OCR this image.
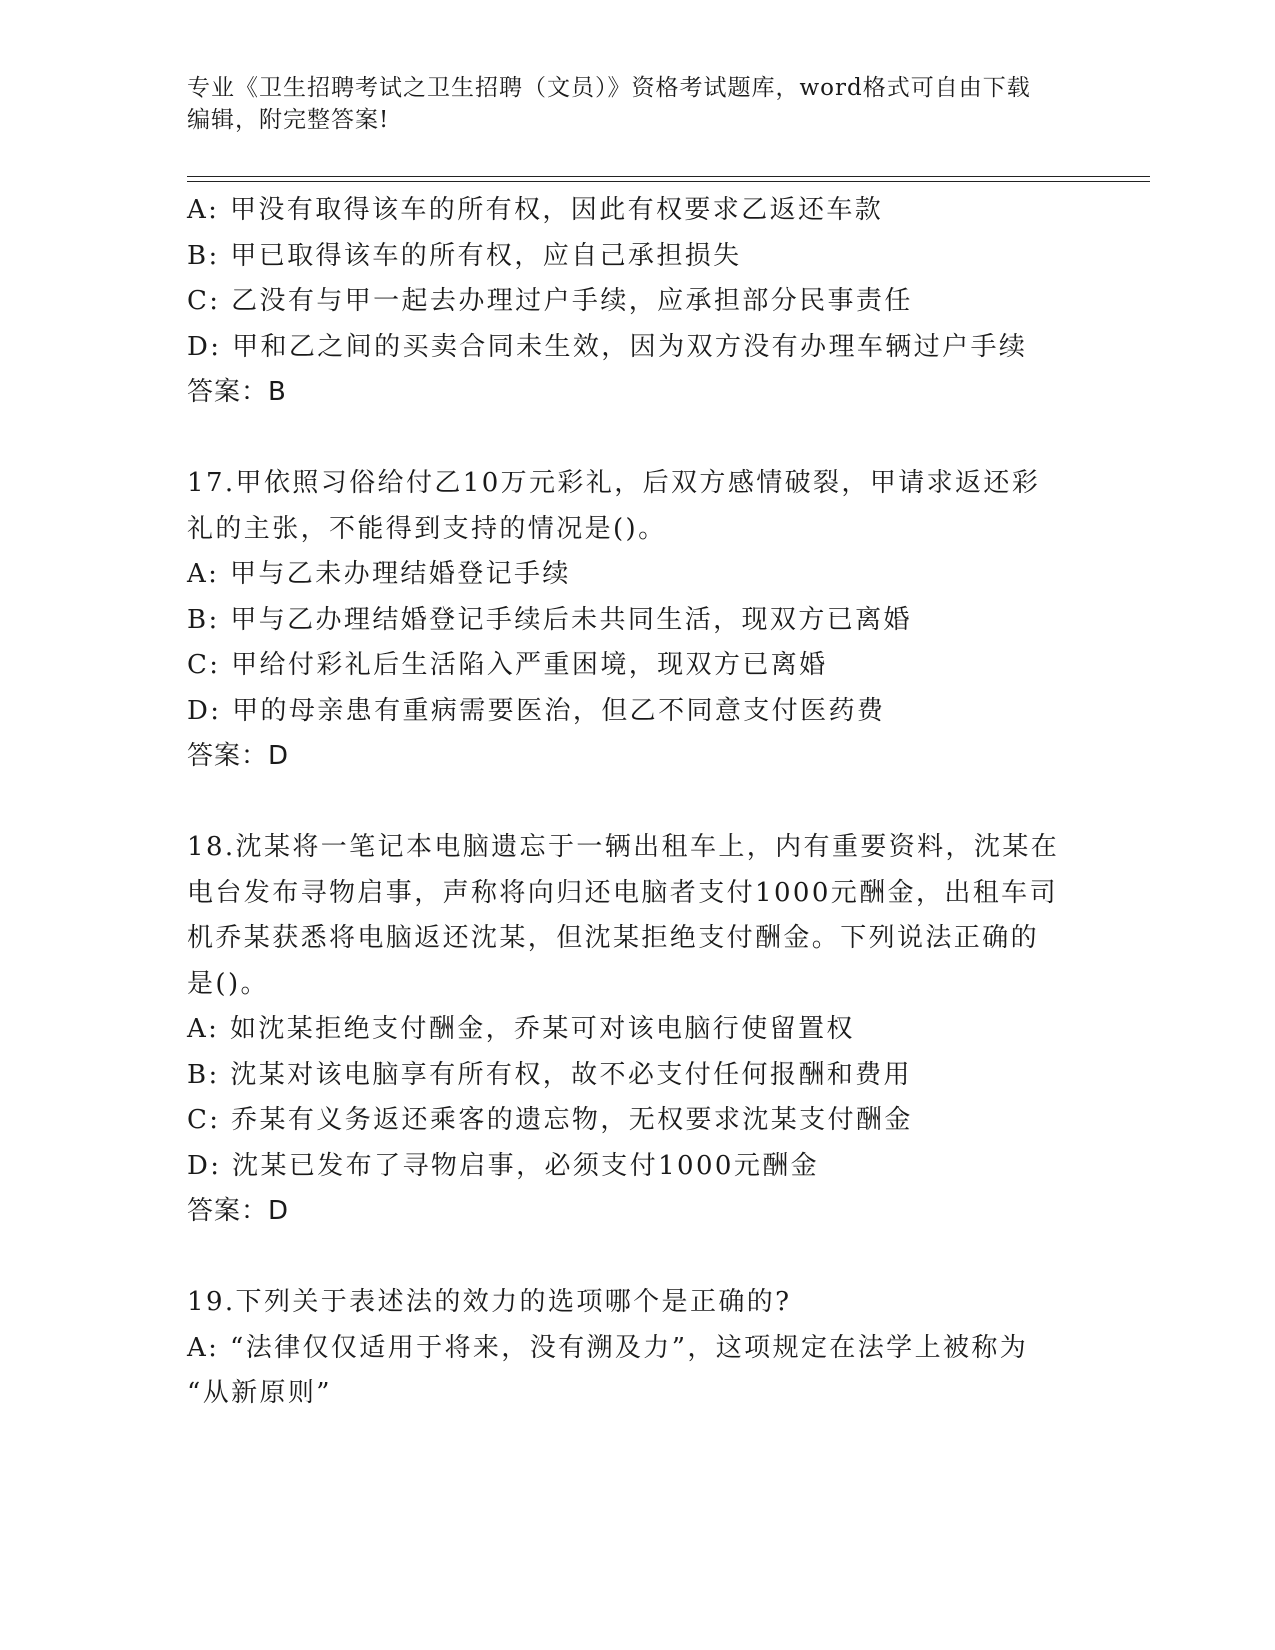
专业《卫生招聘考试之卫生招聘（文员）》资格考试题库，word格式可自由下载
编辑，附完整答案!
A: 甲没有取得该车的所有权，因此有权要求乙返还车款
B: 甲已取得该车的所有权，应自己承担损失
C: 乙没有与甲一起去办理过户手续，应承担部分民事责任
D: 甲和乙之间的买卖合同未生效，因为双方没有办理车辆过户手续
答案：B
17.甲依照习俗给付乙10万元彩礼，后双方感情破裂，甲请求返还彩
礼的主张，不能得到支持的情况是()。
A: 甲与乙未办理结婚登记手续
B: 甲与乙办理结婚登记手续后未共同生活，现双方已离婚
C: 甲给付彩礼后生活陷入严重困境，现双方已离婚
D: 甲的母亲患有重病需要医治，但乙不同意支付医药费
答案：D
18.沈某将一笔记本电脑遗忘于一辆出租车上，内有重要资料，沈某在
电台发布寻物启事，声称将向归还电脑者支付1000元酬金，出租车司
机乔某获悉将电脑返还沈某，但沈某拒绝支付酬金。下列说法正确的
是()。
A: 如沈某拒绝支付酬金，乔某可对该电脑行使留置权
B: 沈某对该电脑享有所有权，故不必支付任何报酬和费用
C: 乔某有义务返还乘客的遗忘物，无权要求沈某支付酬金
D: 沈某已发布了寻物启事，必须支付1000元酬金
答案：D
19.下列关于表述法的效力的选项哪个是正确的?
A: “法律仅仅适用于将来，没有溯及力”，这项规定在法学上被称为
“从新原则”
